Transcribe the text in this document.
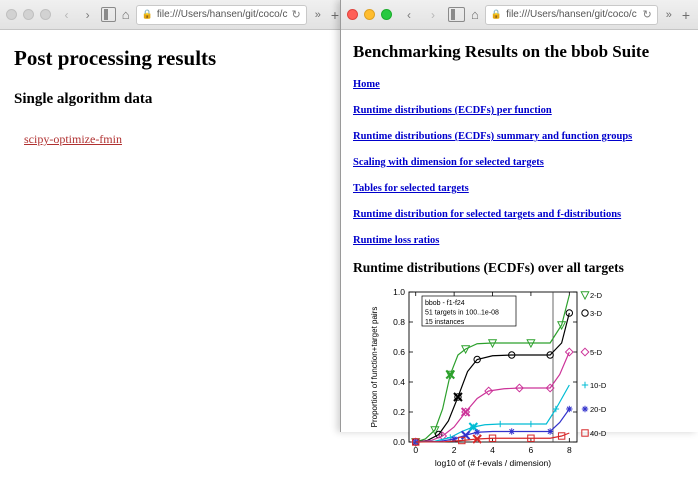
‹	›	⌂ 🔒 file:///Users/hansen/git/coco/c ↻ » +
Post processing results
Single algorithm data
scipy-optimize-fmin
‹	›	⌂ 🔒 file:///Users/hansen/git/coco/c ↻ » +
Benchmarking Results on the bbob Suite
Home
Runtime distributions (ECDFs) per function
Runtime distributions (ECDFs) summary and function groups
Scaling with dimension for selected targets
Tables for selected targets
Runtime distribution for selected targets and f-distributions
Runtime loss ratios
Runtime distributions (ECDFs) over all targets
0.0
0.2
0.4
0.6
0.8
1.0
0	2	4	6	8
Proportion of function+target pairs
log10 of (# f-evals / dimension)
bbob - f1-f24
51 targets in 100..1e-08
15 instances
2-D
3-D
5-D
10-D
20-D
40-D
